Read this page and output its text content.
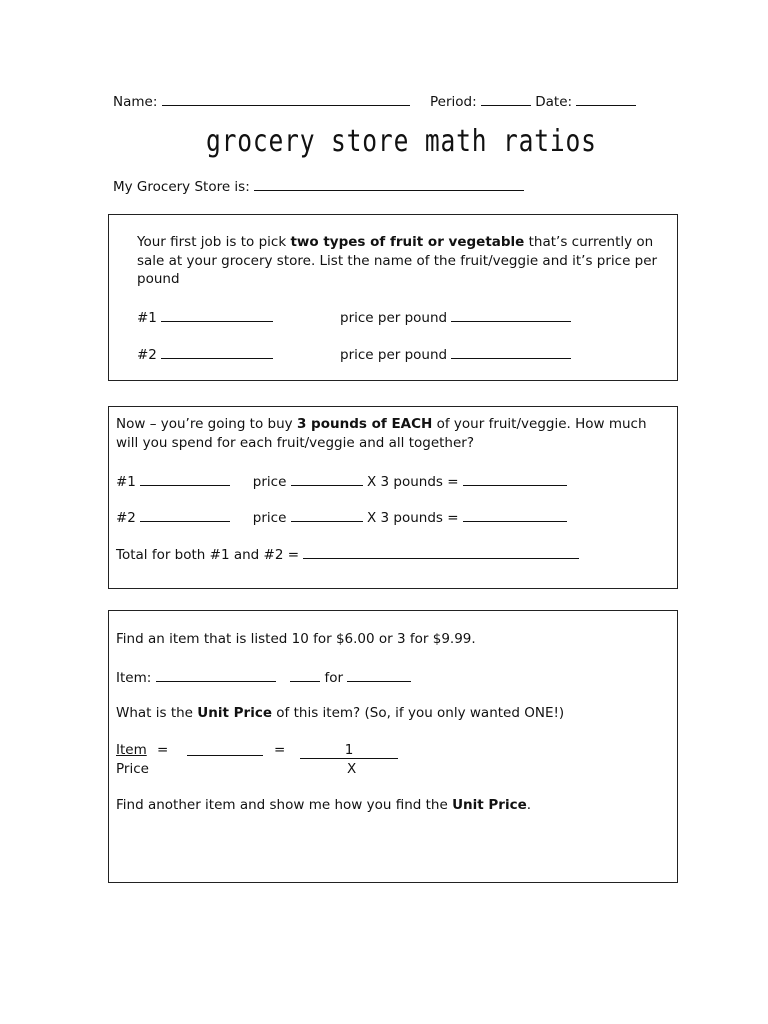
Name:	Period:	Date:
grocery store math ratios
My Grocery Store is:
Your first job is to pick two types of fruit or vegetable that’s currently on sale at your grocery store. List the name of the fruit/veggie and it’s price per pound
#1	price per pound
#2	price per pound
Now – you’re going to buy 3 pounds of EACH of your fruit/veggie. How much will you spend for each fruit/veggie and all together?
#1	price	X 3 pounds =
#2	price	X 3 pounds =
Total for both #1 and #2 =
Find an item that is listed 10 for $6.00 or 3 for $9.99.
Item:	for
What is the Unit Price of this item? (So, if you only wanted ONE!)
Item
Price
=	=	1
X
Find another item and show me how you find the Unit Price.
